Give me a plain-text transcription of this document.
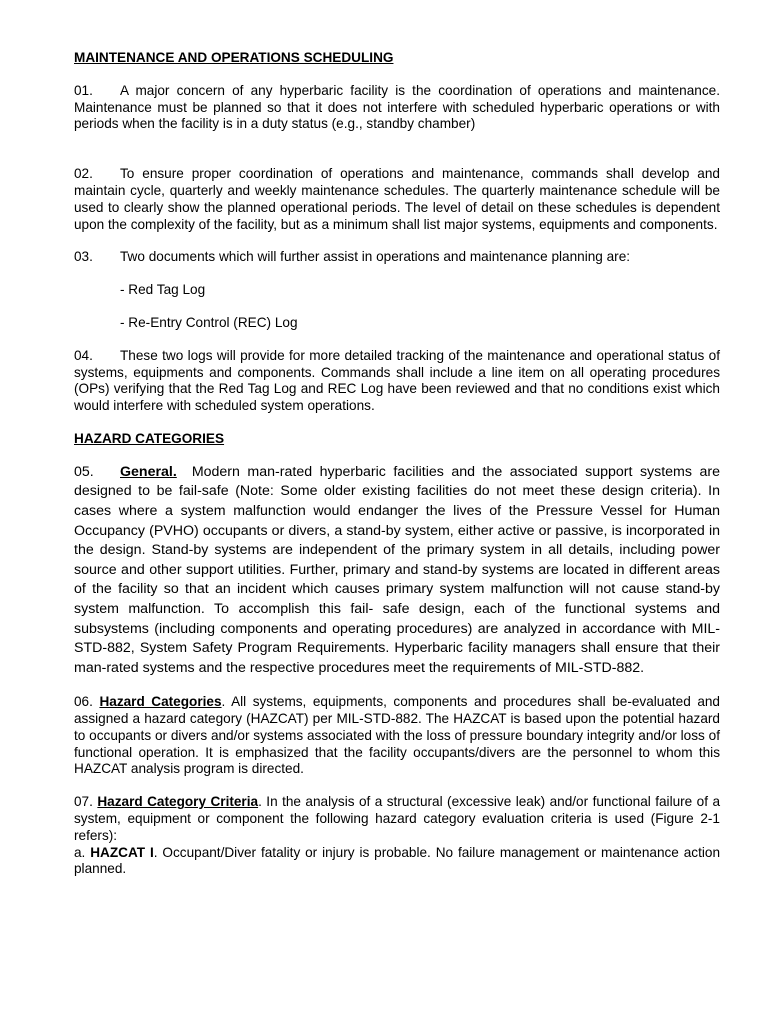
MAINTENANCE AND OPERATIONS SCHEDULING

01. A major concern of any hyperbaric facility is the coordination of operations and maintenance. Maintenance must be planned so that it does not interfere with scheduled hyperbaric operations or with periods when the facility is in a duty status (e.g., standby chamber)

02. To ensure proper coordination of operations and maintenance, commands shall develop and maintain cycle, quarterly and weekly maintenance schedules. The quarterly maintenance schedule will be used to clearly show the planned operational periods. The level of detail on these schedules is dependent upon the complexity of the facility, but as a minimum shall list major systems, equipments and components.

03. Two documents which will further assist in operations and maintenance planning are:

- Red Tag Log

- Re-Entry Control (REC) Log

04. These two logs will provide for more detailed tracking of the maintenance and operational status of systems, equipments and components. Commands shall include a line item on all operating procedures (OPs) verifying that the Red Tag Log and REC Log have been reviewed and that no conditions exist which would interfere with scheduled system operations.

HAZARD CATEGORIES

05. General. Modern man-rated hyperbaric facilities and the associated support systems are designed to be fail-safe (Note: Some older existing facilities do not meet these design criteria). In cases where a system malfunction would endanger the lives of the Pressure Vessel for Human Occupancy (PVHO) occupants or divers, a stand-by system, either active or passive, is incorporated in the design. Stand-by systems are independent of the primary system in all details, including power source and other support utilities. Further, primary and stand-by systems are located in different areas of the facility so that an incident which causes primary system malfunction will not cause stand-by system malfunction. To accomplish this fail- safe design, each of the functional systems and subsystems (including components and operating procedures) are analyzed in accordance with MIL-STD-882, System Safety Program Requirements. Hyperbaric facility managers shall ensure that their man-rated systems and the respective procedures meet the requirements of MIL-STD-882.

06. Hazard Categories. All systems, equipments, components and procedures shall be-evaluated and assigned a hazard category (HAZCAT) per MIL-STD-882. The HAZCAT is based upon the potential hazard to occupants or divers and/or systems associated with the loss of pressure boundary integrity and/or loss of functional operation. It is emphasized that the facility occupants/divers are the personnel to whom this HAZCAT analysis program is directed.

07. Hazard Category Criteria. In the analysis of a structural (excessive leak) and/or functional failure of a system, equipment or component the following hazard category evaluation criteria is used (Figure 2-1 refers):

a. HAZCAT I. Occupant/Diver fatality or injury is probable. No failure management or maintenance action planned.
